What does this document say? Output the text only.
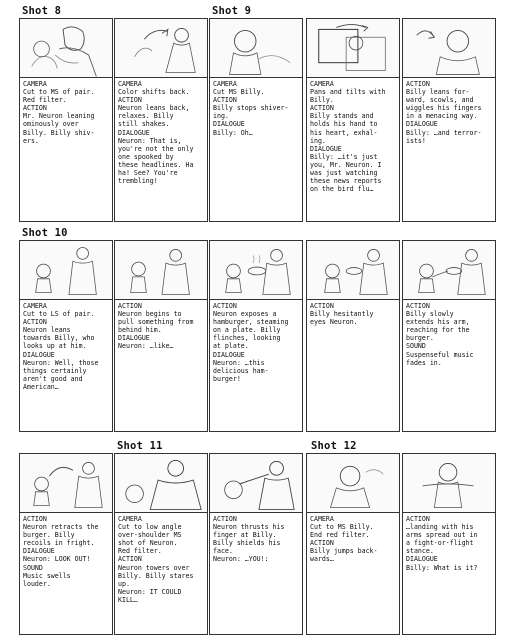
Shot 8	Shot 9
Shot 10
Shot 11	Shot 12
CAMERA
Cut to MS of pair.
Red filter.
ACTION
Mr. Neuron leaning
ominously over
Billy. Billy shiv-
ers.
CAMERA
Color shifts back.
ACTION
Neuron leans back,
relaxes. Billy
still shakes.
DIALOGUE
Neuron: That is,
you're not the only
one spooked by
these headlines. Ha
ha! See? You're
trembling!
CAMERA
Cut MS Billy.
ACTION
Billy stops shiver-
ing.
DIALOGUE
Billy: Oh…
CAMERA
Pans and tilts with
Billy.
ACTION
Billy stands and
holds his hand to
his heart, exhal-
ing.
DIALOGUE
Billy: …it's just
you, Mr. Neuron. I
was just watching
these news reports
on the bird flu…
ACTION
Billy leans for-
ward, scowls, and
wiggles his fingers
in a menacing way.
DIALOGUE
Billy: …and terror-
ists!
CAMERA
Cut to LS of pair.
ACTION
Neuron leans
towards Billy, who
looks up at him.
DIALOGUE
Neuron: Well, those
things certainly
aren't good and
American…
ACTION
Neuron begins to
pull something from
behind him.
DIALOGUE
Neuron: …like…
ACTION
Neuron exposes a
hamburger, steaming
on a plate. Billy
flinches, looking
at plate.
DIALOGUE
Neuron: …this
delicious ham-
burger!
ACTION
Billy hesitantly
eyes Neuron.
ACTION
Billy slowly
extends his arm,
reaching for the
burger.
SOUND
Suspenseful music
fades in.
ACTION
Neuron retracts the
burger. Billy
recoils in fright.
DIALOGUE
Neuron: LOOK OUT!
SOUND
Music swells
louder.
CAMERA
Cut to low angle
over-shoulder MS
shot of Neuron.
Red filter.
ACTION
Neuron towers over
Billy. Billy stares
up.
Neuron: IT COULD
KILL…
ACTION
Neuron thrusts his
finger at Billy.
Billy shields his
face.
Neuron: …YOU!:
CAMERA
Cut to MS Billy.
End red filter.
ACTION
Billy jumps back-
wards…
ACTION
…landing with his
arms spread out in
a fight-or-flight
stance.
DIALOGUE
Billy: What is it?
